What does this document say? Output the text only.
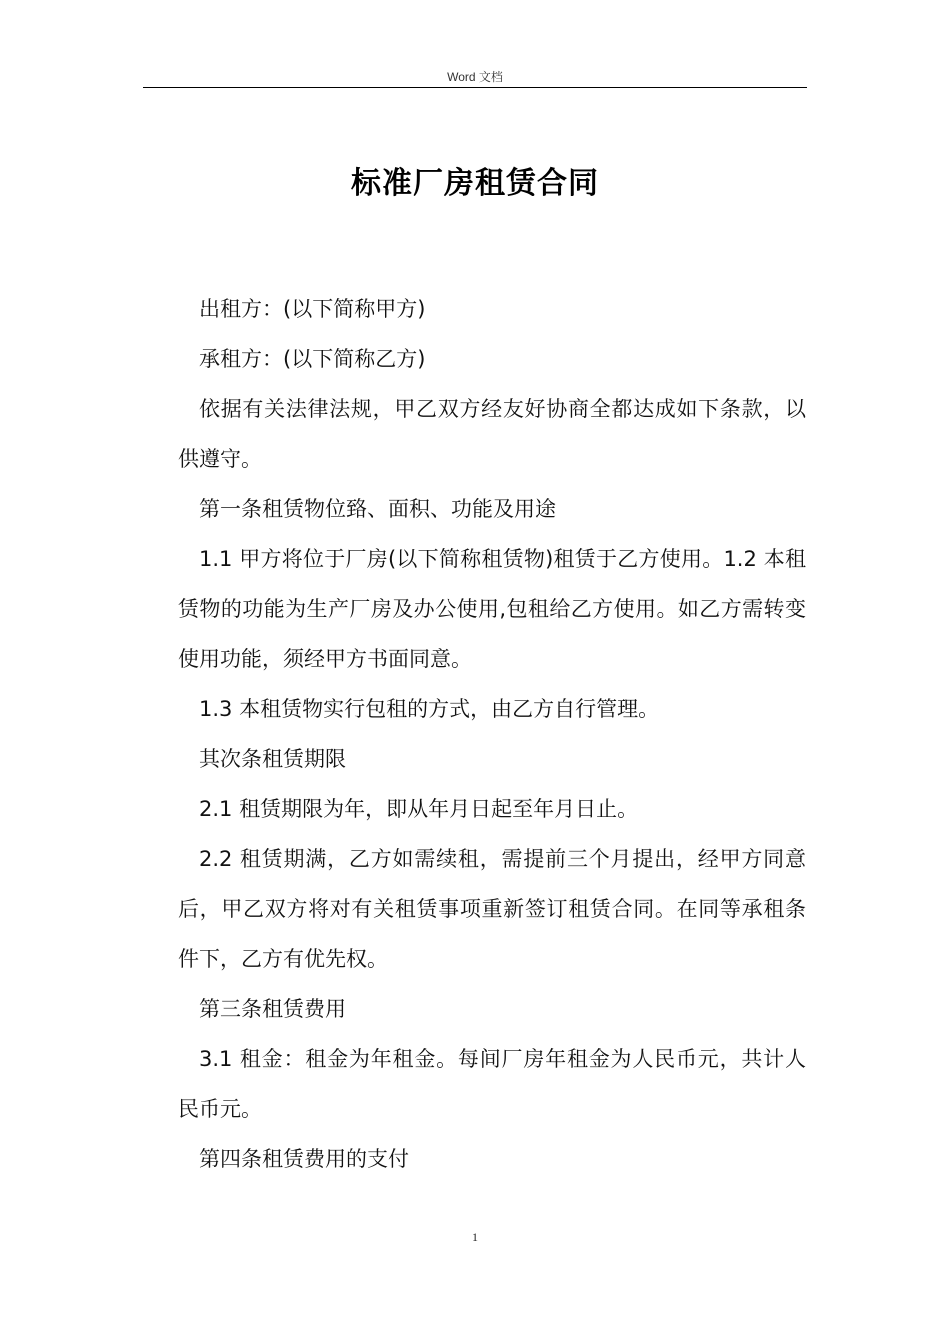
Word 文档
标准厂房租赁合同

出租方：(以下简称甲方)

承租方：(以下简称乙方)

依据有关法律法规，甲乙双方经友好协商全都达成如下条款，以供遵守。

第一条租赁物位臵、面积、功能及用途

1.1 甲方将位于厂房(以下简称租赁物)租赁于乙方使用。1.2 本租赁物的功能为生产厂房及办公使用,包租给乙方使用。如乙方需转变使用功能，须经甲方书面同意。

1.3 本租赁物实行包租的方式，由乙方自行管理。

其次条租赁期限

2.1 租赁期限为年，即从年月日起至年月日止。

2.2 租赁期满，乙方如需续租，需提前三个月提出，经甲方同意后，甲乙双方将对有关租赁事项重新签订租赁合同。在同等承租条件下，乙方有优先权。

第三条租赁费用

3.1 租金：租金为年租金。每间厂房年租金为人民币元，共计人民币元。

第四条租赁费用的支付

1
